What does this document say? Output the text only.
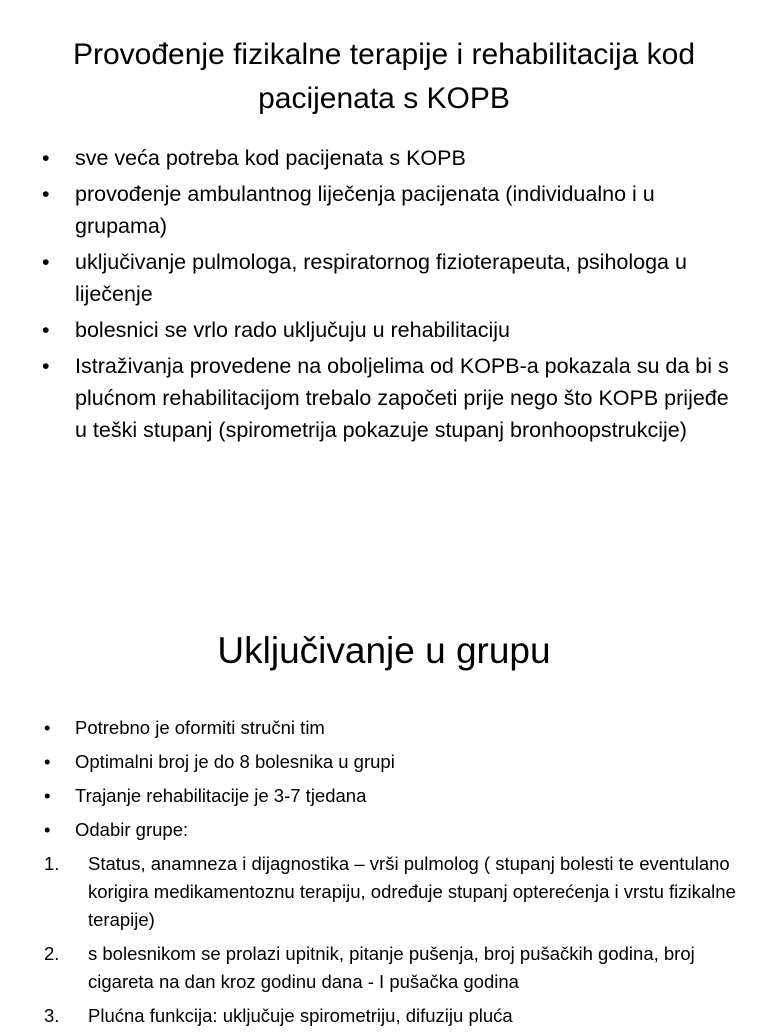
Provođenje fizikalne terapije i rehabilitacija kod pacijenata s KOPB
• sve veća potreba kod pacijenata s KOPB
• provođenje ambulantnog liječenja pacijenata (individualno i u grupama)
• uključivanje pulmologa, respiratornog fizioterapeuta, psihologa u liječenje
• bolesnici se vrlo rado uključuju u rehabilitaciju
• Istraživanja provedene na oboljelima od KOPB-a pokazala su da bi s plućnom rehabilitacijom trebalo započeti prije nego što KOPB prijeđe u teški stupanj (spirometrija pokazuje stupanj bronhoopstrukcije)
Uključivanje u grupu
• Potrebno je oformiti stručni tim
• Optimalni broj je do 8 bolesnika u grupi
• Trajanje rehabilitacije je 3-7 tjedana
• Odabir grupe:
1. Status, anamneza i dijagnostika – vrši pulmolog ( stupanj bolesti te eventulano korigira medikamentoznu terapiju, određuje stupanj opterećenja i vrstu fizikalne terapije)
2. s bolesnikom se prolazi upitnik, pitanje pušenja, broj pušačkih godina, broj cigareta na dan kroz godinu dana - I pušačka godina
3. Plućna funkcija: uključuje spirometriju, difuziju pluća
